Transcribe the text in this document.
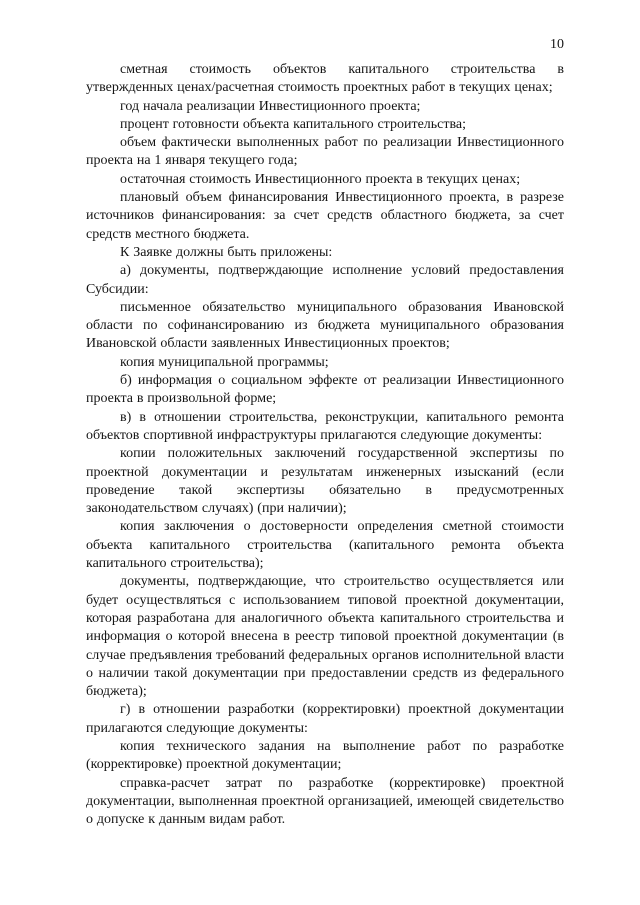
10

сметная стоимость объектов капитального строительства в утвержденных ценах/расчетная стоимость проектных работ в текущих ценах;

год начала реализации Инвестиционного проекта;

процент готовности объекта капитального строительства;

объем фактически выполненных работ по реализации Инвестиционного проекта на 1 января текущего года;

остаточная стоимость Инвестиционного проекта в текущих ценах;

плановый объем финансирования Инвестиционного проекта, в разрезе источников финансирования: за счет средств областного бюджета, за счет средств местного бюджета.

К Заявке должны быть приложены:

а) документы, подтверждающие исполнение условий предоставления Субсидии:

письменное обязательство муниципального образования Ивановской области по софинансированию из бюджета муниципального образования Ивановской области заявленных Инвестиционных проектов;

копия муниципальной программы;

б) информация о социальном эффекте от реализации Инвестиционного проекта в произвольной форме;

в) в отношении строительства, реконструкции, капитального ремонта объектов спортивной инфраструктуры прилагаются следующие документы:

копии положительных заключений государственной экспертизы по проектной документации и результатам инженерных изысканий (если проведение такой экспертизы обязательно в предусмотренных законодательством случаях) (при наличии);

копия заключения о достоверности определения сметной стоимости объекта капитального строительства (капитального ремонта объекта капитального строительства);

документы, подтверждающие, что строительство осуществляется или будет осуществляться с использованием типовой проектной документации, которая разработана для аналогичного объекта капитального строительства и информация о которой внесена в реестр типовой проектной документации (в случае предъявления требований федеральных органов исполнительной власти о наличии такой документации при предоставлении средств из федерального бюджета);

г) в отношении разработки (корректировки) проектной документации прилагаются следующие документы:

копия технического задания на выполнение работ по разработке (корректировке) проектной документации;

справка-расчет затрат по разработке (корректировке) проектной документации, выполненная проектной организацией, имеющей свидетельство о допуске к данным видам работ.
